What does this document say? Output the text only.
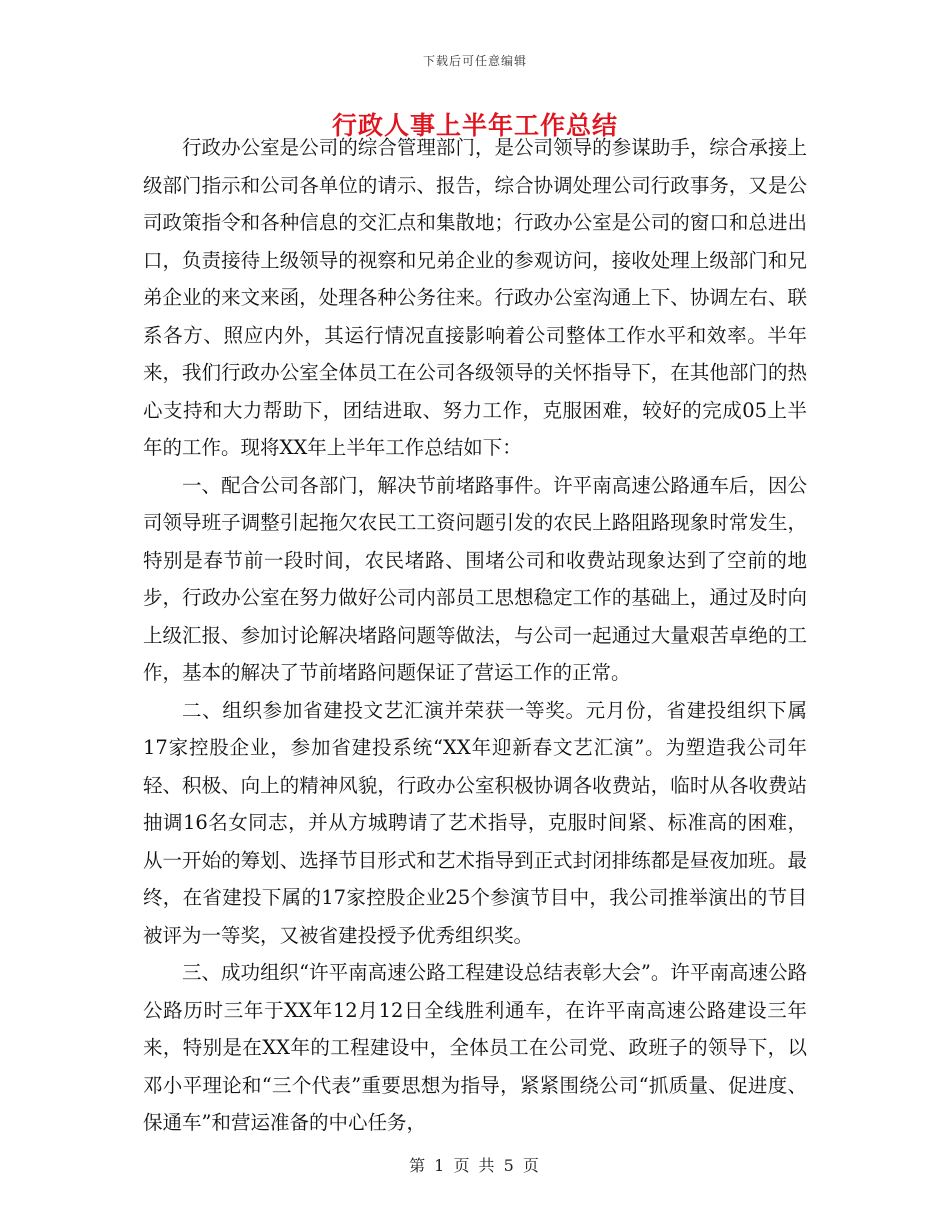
下载后可任意编辑
行政人事上半年工作总结

行政办公室是公司的综合管理部门，是公司领导的参谋助手，综合承接上级部门指示和公司各单位的请示、报告，综合协调处理公司行政事务，又是公司政策指令和各种信息的交汇点和集散地；行政办公室是公司的窗口和总进出口，负责接待上级领导的视察和兄弟企业的参观访问，接收处理上级部门和兄弟企业的来文来函，处理各种公务往来。行政办公室沟通上下、协调左右、联系各方、照应内外，其运行情况直接影响着公司整体工作水平和效率。半年来，我们行政办公室全体员工在公司各级领导的关怀指导下，在其他部门的热心支持和大力帮助下，团结进取、努力工作，克服困难，较好的完成05上半年的工作。现将XX年上半年工作总结如下：

一、配合公司各部门，解决节前堵路事件。许平南高速公路通车后，因公司领导班子调整引起拖欠农民工工资问题引发的农民上路阻路现象时常发生，特别是春节前一段时间，农民堵路、围堵公司和收费站现象达到了空前的地步，行政办公室在努力做好公司内部员工思想稳定工作的基础上，通过及时向上级汇报、参加讨论解决堵路问题等做法，与公司一起通过大量艰苦卓绝的工作，基本的解决了节前堵路问题保证了营运工作的正常。

二、组织参加省建投文艺汇演并荣获一等奖。元月份，省建投组织下属17家控股企业，参加省建投系统“XX年迎新春文艺汇演”。为塑造我公司年轻、积极、向上的精神风貌，行政办公室积极协调各收费站，临时从各收费站抽调16名女同志，并从方城聘请了艺术指导，克服时间紧、标准高的困难，从一开始的筹划、选择节目形式和艺术指导到正式封闭排练都是昼夜加班。最终，在省建投下属的17家控股企业25个参演节目中，我公司推举演出的节目被评为一等奖，又被省建投授予优秀组织奖。

三、成功组织“许平南高速公路工程建设总结表彰大会”。许平南高速公路公路历时三年于XX年12月12日全线胜利通车，在许平南高速公路建设三年来，特别是在XX年的工程建设中，全体员工在公司党、政班子的领导下，以邓小平理论和“三个代表”重要思想为指导，紧紧围绕公司“抓质量、促进度、保通车”和营运准备的中心任务，

第 1 页 共 5 页
